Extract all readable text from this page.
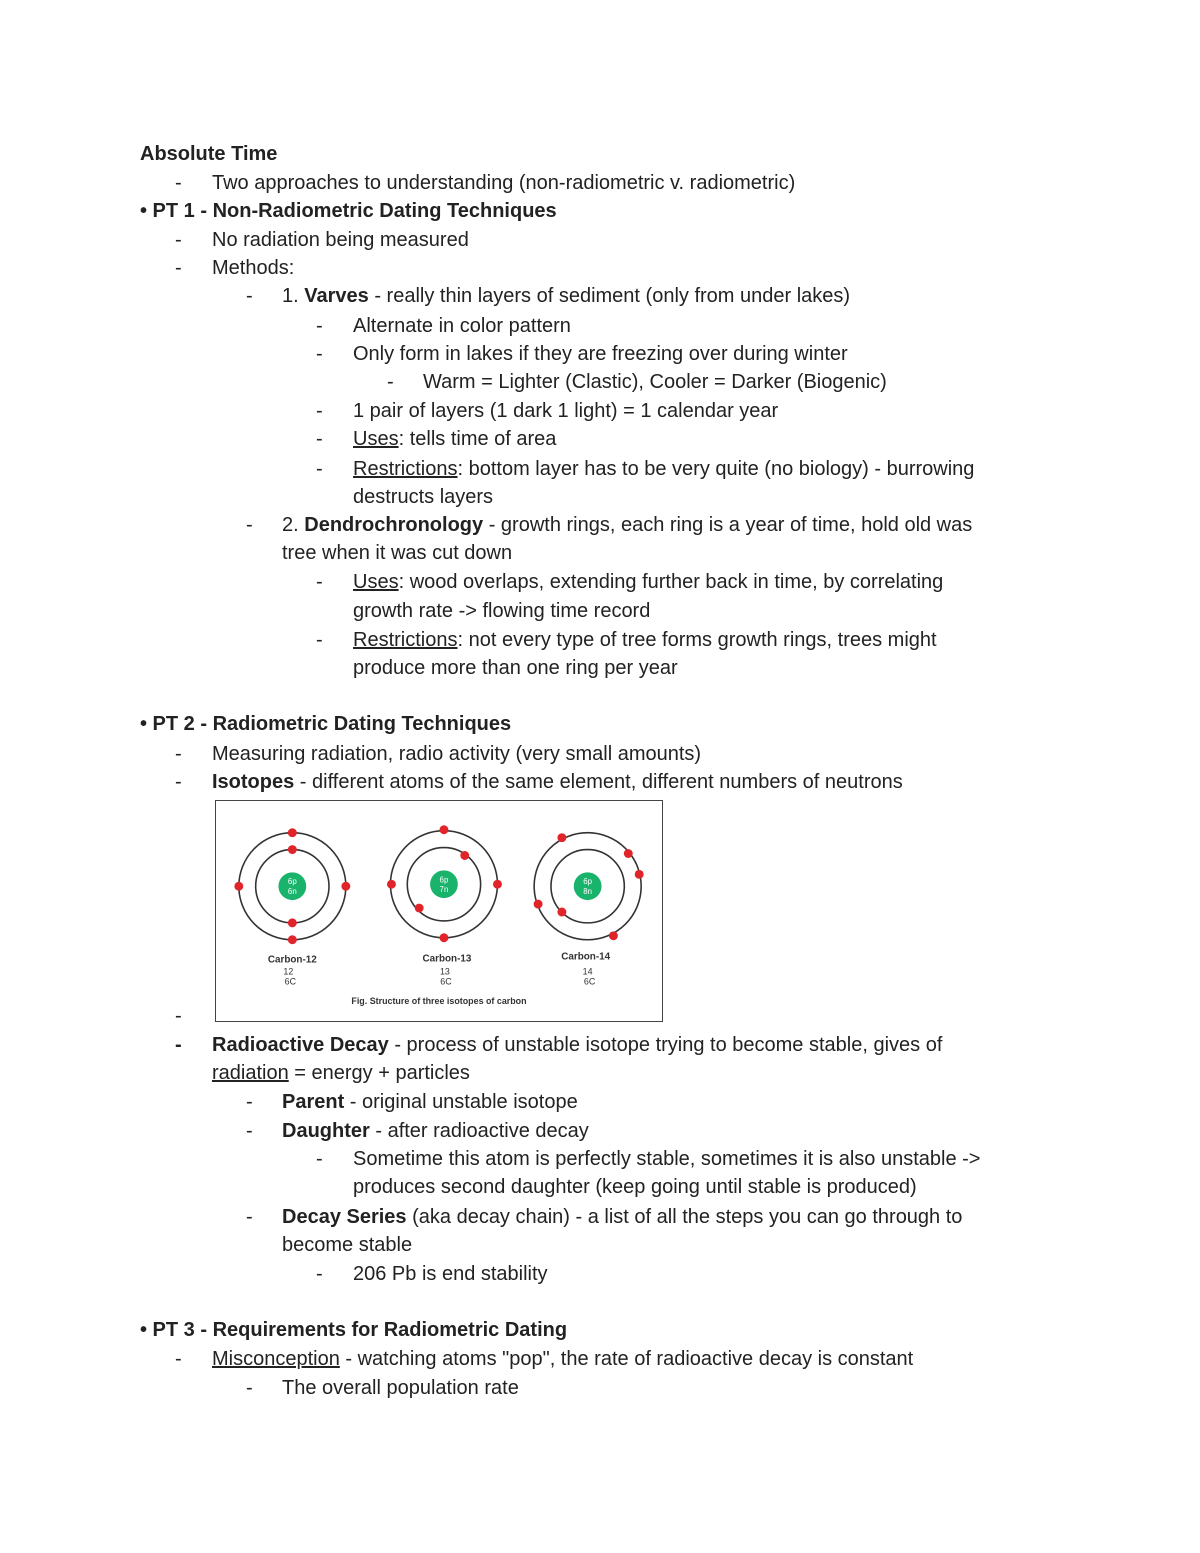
Absolute Time
- Two approaches to understanding (non-radiometric v. radiometric)
• PT 1 - Non-Radiometric Dating Techniques
- No radiation being measured
- Methods:
- 1. Varves - really thin layers of sediment (only from under lakes)
- Alternate in color pattern
- Only form in lakes if they are freezing over during winter
- Warm = Lighter (Clastic), Cooler = Darker (Biogenic)
- 1 pair of layers (1 dark 1 light) = 1 calendar year
- Uses: tells time of area
- Restrictions: bottom layer has to be very quite (no biology) - burrowing
destructs layers
- 2. Dendrochronology - growth rings, each ring is a year of time, hold old was
tree when it was cut down
- Uses: wood overlaps, extending further back in time, by correlating
growth rate -> flowing time record
- Restrictions: not every type of tree forms growth rings, trees might
produce more than one ring per year
• PT 2 - Radiometric Dating Techniques
- Measuring radiation, radio activity (very small amounts)
- Isotopes - different atoms of the same element, different numbers of neutrons
6p
6n
Carbon-12
12
6C
6p
7n
Carbon-13
13
6C
6p
8n
Carbon-14
14
6C
Fig. Structure of three isotopes of carbon
-
- Radioactive Decay - process of unstable isotope trying to become stable, gives of
radiation = energy + particles
- Parent - original unstable isotope
- Daughter - after radioactive decay
- Sometime this atom is perfectly stable, sometimes it is also unstable ->
produces second daughter (keep going until stable is produced)
- Decay Series (aka decay chain) - a list of all the steps you can go through to
become stable
- 206 Pb is end stability
• PT 3 - Requirements for Radiometric Dating
- Misconception - watching atoms "pop", the rate of radioactive decay is constant
- The overall population rate
